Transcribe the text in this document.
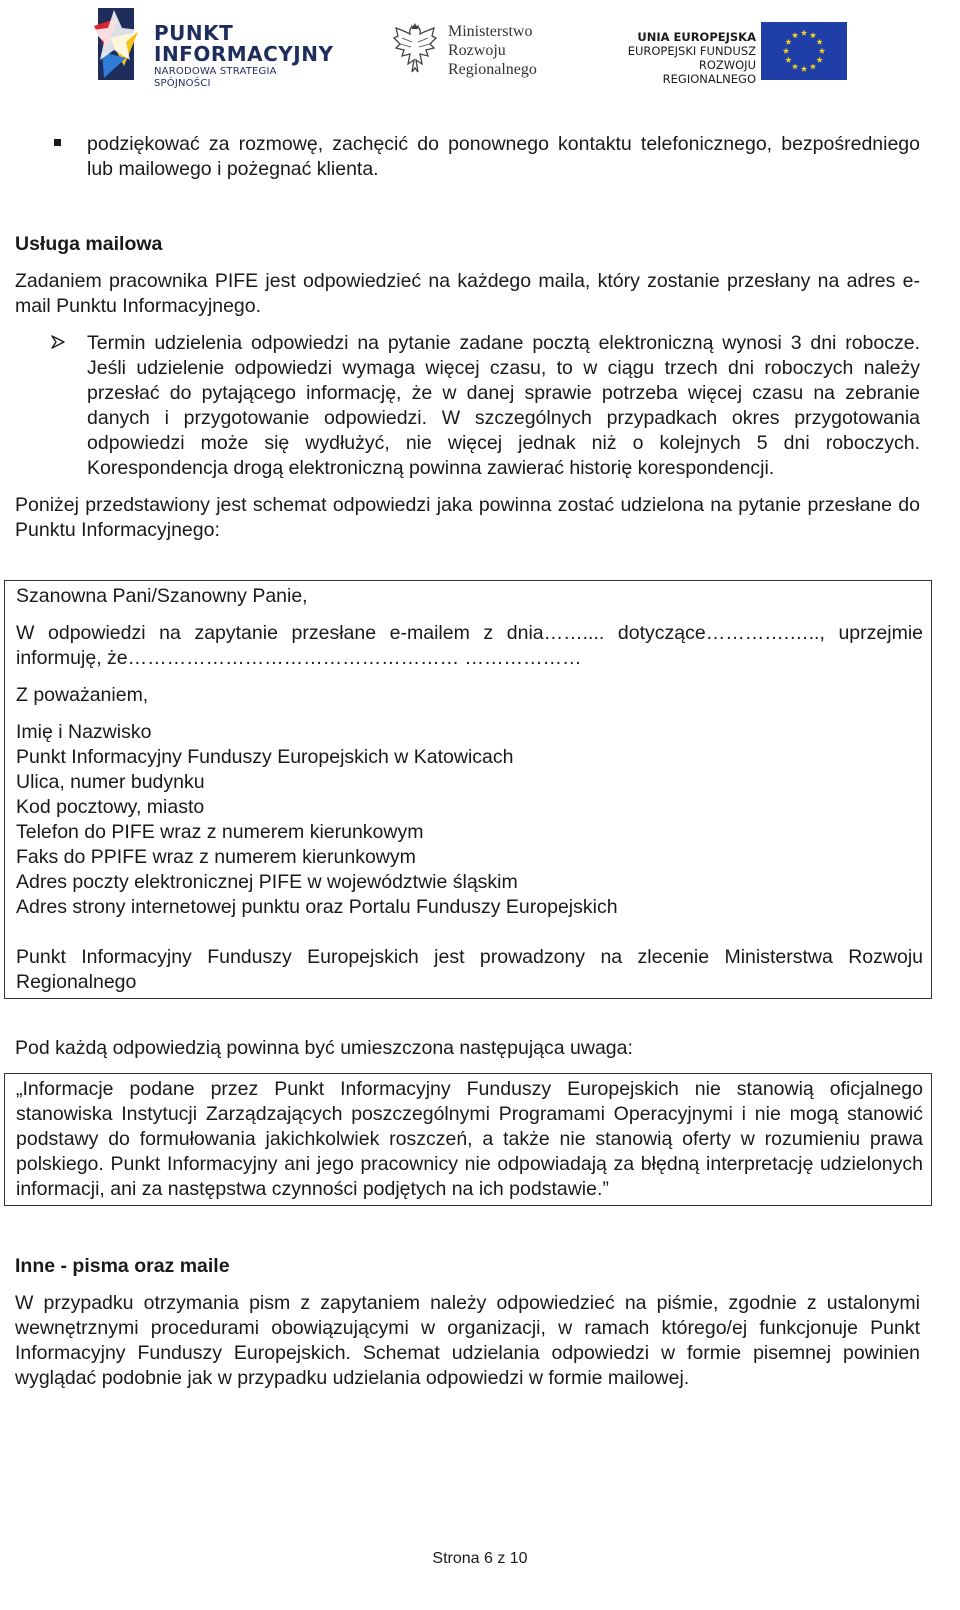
PUNKT
INFORMACYJNY
NARODOWA STRATEGIA SPÓJNOŚCI
Ministerstwo
Rozwoju
Regionalnego
UNIA EUROPEJSKA
EUROPEJSKI FUNDUSZ
ROZWOJU REGIONALNEGO

podziękować za rozmowę, zachęcić do ponownego kontaktu telefonicznego, bezpośredniego lub mailowego i pożegnać klienta.

Usługa mailowa

Zadaniem pracownika PIFE jest odpowiedzieć na każdego maila, który zostanie przesłany na adres e-mail Punktu Informacyjnego.

Termin udzielenia odpowiedzi na pytanie zadane pocztą elektroniczną wynosi 3 dni robocze. Jeśli udzielenie odpowiedzi wymaga więcej czasu, to w ciągu trzech dni roboczych należy przesłać do pytającego informację, że w danej sprawie potrzeba więcej czasu na zebranie danych i przygotowanie odpowiedzi. W szczególnych przypadkach okres przygotowania odpowiedzi może się wydłużyć, nie więcej jednak niż o kolejnych 5 dni roboczych. Korespondencja drogą elektroniczną powinna zawierać historię korespondencji.

Poniżej przedstawiony jest schemat odpowiedzi jaka powinna zostać udzielona na pytanie przesłane do Punktu Informacyjnego:

Szanowna Pani/Szanowny Panie,

W odpowiedzi na zapytanie przesłane e-mailem z dnia…….... dotyczące………….….., uprzejmie informuję, że…………………………………………… ………………

Z poważaniem,

Imię i Nazwisko

Punkt Informacyjny Funduszy Europejskich w Katowicach

Ulica, numer budynku

Kod pocztowy, miasto

Telefon do PIFE wraz z numerem kierunkowym

Faks do PPIFE wraz z numerem kierunkowym

Adres poczty elektronicznej PIFE w województwie śląskim

Adres strony internetowej punktu oraz Portalu Funduszy Europejskich

Punkt Informacyjny Funduszy Europejskich jest prowadzony na zlecenie Ministerstwa Rozwoju Regionalnego

Pod każdą odpowiedzią powinna być umieszczona następująca uwaga:

„Informacje podane przez Punkt Informacyjny Funduszy Europejskich nie stanowią oficjalnego stanowiska Instytucji Zarządzających poszczególnymi Programami Operacyjnymi i nie mogą stanowić podstawy do formułowania jakichkolwiek roszczeń, a także nie stanowią oferty w rozumieniu prawa polskiego. Punkt Informacyjny ani jego pracownicy nie odpowiadają za błędną interpretację udzielonych informacji, ani za następstwa czynności podjętych na ich podstawie.”

Inne - pisma oraz maile

W przypadku otrzymania pism z zapytaniem należy odpowiedzieć na piśmie, zgodnie z ustalonymi wewnętrznymi procedurami obowiązującymi w organizacji, w ramach którego/ej funkcjonuje Punkt Informacyjny Funduszy Europejskich. Schemat udzielania odpowiedzi w formie pisemnej powinien wyglądać podobnie jak w przypadku udzielania odpowiedzi w formie mailowej.

Strona 6 z 10
